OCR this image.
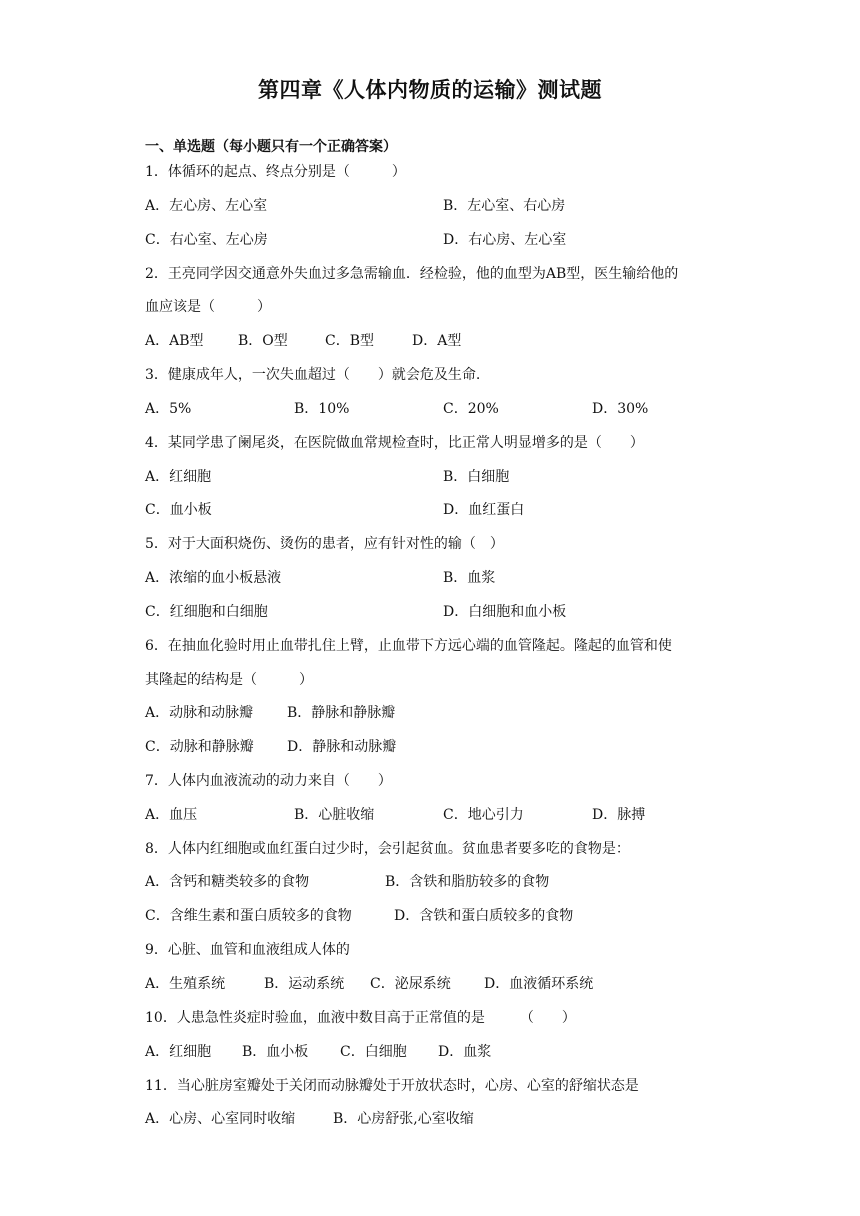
第四章《人体内物质的运输》测试题
一、单选题（每小题只有一个正确答案）
1．体循环的起点、终点分别是（　　　）
A．左心房、左心室	B．左心室、右心房
C．右心室、左心房	D．右心房、左心室
2．王亮同学因交通意外失血过多急需输血．经检验，他的血型为AB型，医生输给他的
血应该是（　　　）
A．AB型 B．O型	C．B型	D．A型
3．健康成年人，一次失血超过（　　）就会危及生命.
A．5%	B．10%	C．20%	D．30%
4．某同学患了阑尾炎，在医院做血常规检查时，比正常人明显增多的是（　　）
A．红细胞	B．白细胞
C．血小板	D．血红蛋白
5．对于大面积烧伤、烫伤的患者，应有针对性的输（　）
A．浓缩的血小板悬液	B．血浆
C．红细胞和白细胞	D．白细胞和血小板
6．在抽血化验时用止血带扎住上臂，止血带下方远心端的血管隆起。隆起的血管和使
其隆起的结构是（　　　）
A．动脉和动脉瓣 B．静脉和静脉瓣
C．动脉和静脉瓣 D．静脉和动脉瓣
7．人体内血液流动的动力来自（　　）
A．血压	B．心脏收缩	C．地心引力	D．脉搏
8．人体内红细胞或血红蛋白过少时，会引起贫血。贫血患者要多吃的食物是：
A．含钙和糖类较多的食物	B．含铁和脂肪较多的食物
C．含维生素和蛋白质较多的食物	D．含铁和蛋白质较多的食物
9．心脏、血管和血液组成人体的
A．生殖系统	B．运动系统 C．泌尿系统 D．血液循环系统
10．人患急性炎症时验血，血液中数目高于正常值的是　　　（　　）
A．红细胞 B．血小板 C．白细胞 D．血浆
11．当心脏房室瓣处于关闭而动脉瓣处于开放状态时，心房、心室的舒缩状态是
A．心房、心室同时收缩	B．心房舒张,心室收缩
